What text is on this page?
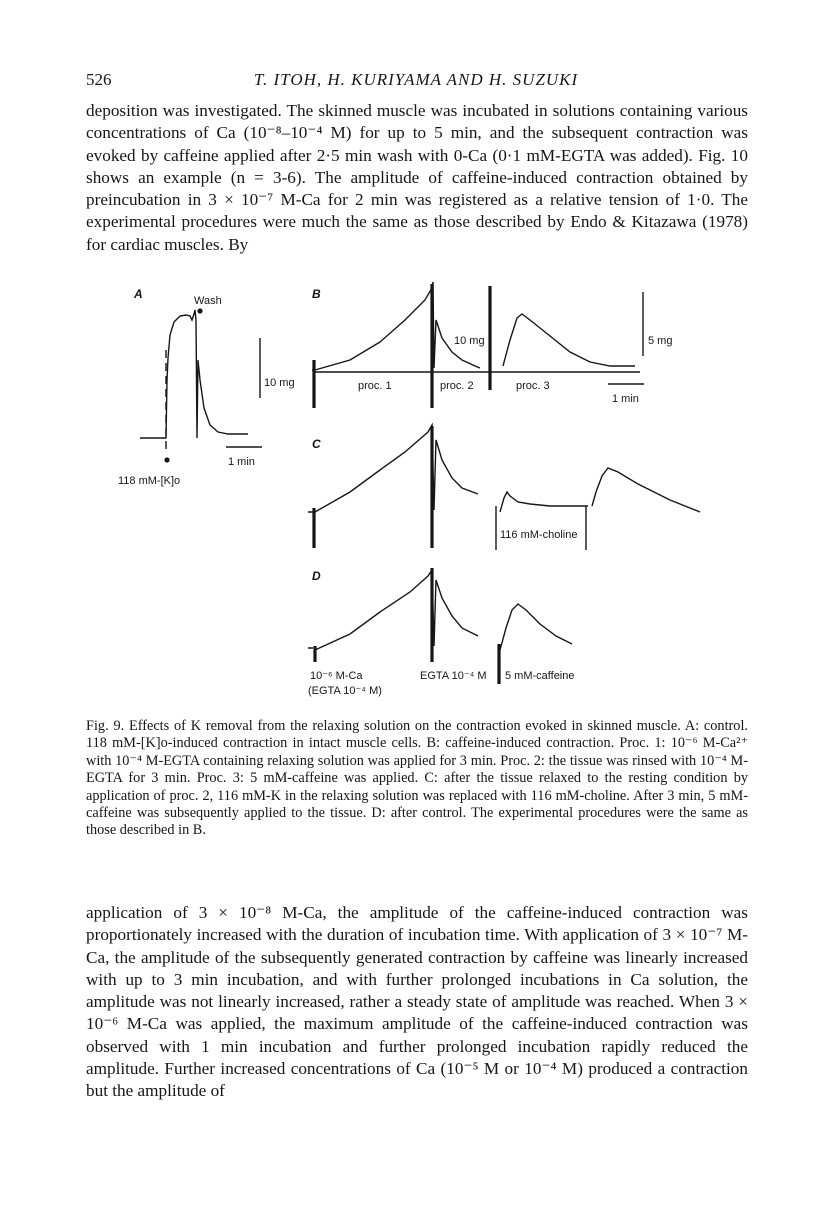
526	T. ITOH, H. KURIYAMA AND H. SUZUKI

deposition was investigated. The skinned muscle was incubated in solutions containing various concentrations of Ca (10⁻⁸–10⁻⁴ M) for up to 5 min, and the subsequent contraction was evoked by caffeine applied after 2·5 min wash with 0-Ca (0·1 mM-EGTA was added). Fig. 10 shows an example (n = 3-6). The amplitude of caffeine-induced contraction obtained by preincubation in 3 × 10⁻⁷ M-Ca for 2 min was registered as a relative tension of 1·0. The experimental procedures were much the same as those described by Endo & Kitazawa (1978) for cardiac muscles. By

A	Wash
10 mg
1 min
118 mM-[K]o
B
10 mg	5 mg
1 min
proc. 1	proc. 2	proc. 3
C
116 mM-choline
D
10⁻⁶ M-Ca
(EGTA 10⁻⁴ M)
EGTA 10⁻⁴ M 5 mM-caffeine

Fig. 9. Effects of K removal from the relaxing solution on the contraction evoked in skinned muscle. A: control. 118 mM-[K]o-induced contraction in intact muscle cells. B: caffeine-induced contraction. Proc. 1: 10⁻⁶ M-Ca²⁺ with 10⁻⁴ M-EGTA containing relaxing solution was applied for 3 min. Proc. 2: the tissue was rinsed with 10⁻⁴ M-EGTA for 3 min. Proc. 3: 5 mM-caffeine was applied. C: after the tissue relaxed to the resting condition by application of proc. 2, 116 mM-K in the relaxing solution was replaced with 116 mM-choline. After 3 min, 5 mM-caffeine was subsequently applied to the tissue. D: after control. The experimental procedures were the same as those described in B.

application of 3 × 10⁻⁸ M-Ca, the amplitude of the caffeine-induced contraction was proportionately increased with the duration of incubation time. With application of 3 × 10⁻⁷ M-Ca, the amplitude of the subsequently generated contraction by caffeine was linearly increased with up to 3 min incubation, and with further prolonged incubations in Ca solution, the amplitude was not linearly increased, rather a steady state of amplitude was reached. When 3 × 10⁻⁶ M-Ca was applied, the maximum amplitude of the caffeine-induced contraction was observed with 1 min incubation and further prolonged incubation rapidly reduced the amplitude. Further increased concentrations of Ca (10⁻⁵ M or 10⁻⁴ M) produced a contraction but the amplitude of
